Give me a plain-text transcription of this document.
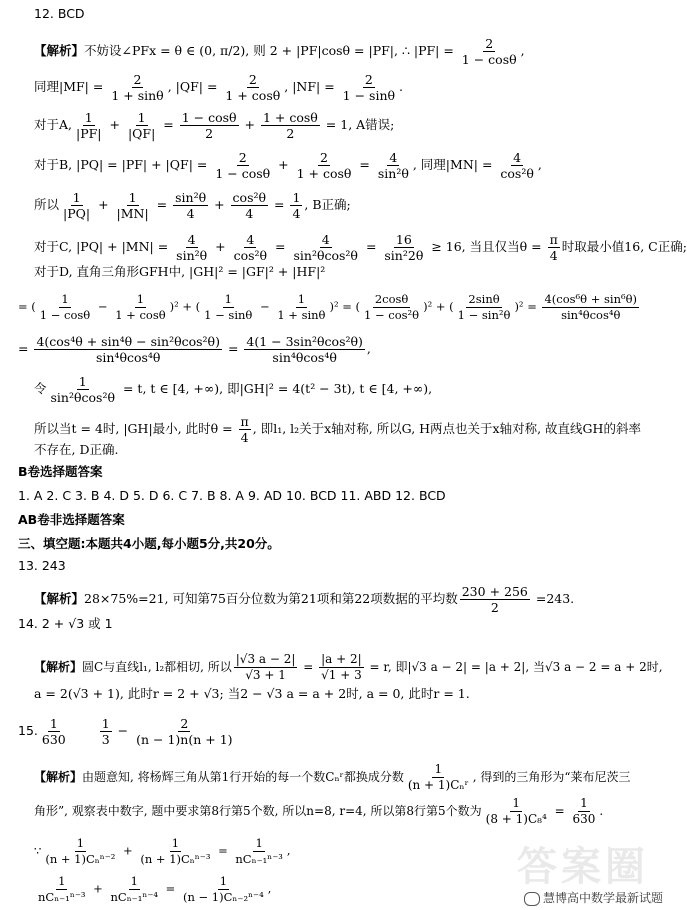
12. BCD
【解析】不妨设∠PFx = θ ∈ (0, π/2), 则 2 + |PF|cosθ = |PF|, ∴ $|PF| = \frac{2}{1 - \cos\theta}$ ,
同理$|MF| = \frac{2}{1 + \sin\theta}$ , $|QF| = \frac{2}{1 + \cos\theta}$ , $|NF| = \frac{2}{1 - \sin\theta}$ .
对于A, $\frac{1}{|PF|} + \frac{1}{|QF|} = \frac{1 - \cos\theta}{2} + \frac{1 + \cos\theta}{2} = 1$, A错误;
对于B, $|PQ| = |PF| + |QF| = \frac{2}{1 - \cos\theta} + \frac{2}{1 + \cos\theta} = \frac{4}{\text{sin²θ}}$ , 同理$|MN| = \frac{4}{\text{cos²θ}}$ ,
所以 $\frac{1}{|PQ|} + \frac{1}{|MN|} = \frac{\text{sin²θ}}{4} + \frac{\text{cos²θ}}{4} = \frac{1}{4}$ , B正确;
对于C, $|PQ| + |MN| = \frac{4}{\text{sin²θ}} + \frac{4}{\text{cos²θ}} = \frac{4}{\text{sin²θcos²θ}} = \frac{16}{\text{sin²2θ}} \ge 16$, 当且仅当$\theta = \frac{\pi}{4}$ 时取最小值16, C正确;
对于D, 直角三角形GFH中, |GH|² = |GF|² + |HF|²
= ( $\frac{1}{1 - \cos\theta} - \frac{1}{1 + \cos\theta} )^2$ + ( $\frac{1}{1 - \sin\theta} - \frac{1}{1 + \sin\theta} )^2$ = ( $\frac{2\cos\theta}{\text{1 − cos²θ}} )^2$ + ( $\frac{2\sin\theta}{\text{1 − sin²θ}} )^2 = \frac{\text{4(cos⁶θ + sin⁶θ)}}{\text{sin⁴θcos⁴θ}}$
= $\frac{\text{4(cos⁴θ + sin⁴θ − sin²θcos²θ)}}{\text{sin⁴θcos⁴θ}} = \frac{\text{4(1 − 3sin²θcos²θ)}}{\text{sin⁴θcos⁴θ}}$ ,
令 $\frac{1}{\text{sin²θcos²θ}} = t$, t ∈ [4, +∞), 即|GH|² = 4(t² − 3t), t ∈ [4, +∞),
所以当t = 4时, |GH|最小, 此时$\theta = \frac{\pi}{4}$ , 即l₁, l₂关于x轴对称, 所以G, H两点也关于x轴对称, 故直线GH的斜率
不存在, D正确.
B卷选择题答案
1. A 2. C 3. B 4. D 5. D 6. C 7. B 8. A 9. AD 10. BCD 11. ABD 12. BCD
AB卷非选择题答案
三、填空题:本题共4小题,每小题5分,共20分。
13. 243
【解析】28×75%=21, 可知第75百分位数为第21项和第22项数据的平均数 $\frac{230 + 256}{2} =243$.
14. 2 + √3 或 1
【解析】圆C与直线l₁, l₂都相切, 所以 $\frac{|√3 a - 2|}{√3 + 1} = \frac{|a + 2|}{√1 + 3} = r$, 即|√3 a − 2| = |a + 2|, 当√3 a − 2 = a + 2时,
a = 2(√3 + 1), 此时r = 2 + √3; 当2 − √3 a = a + 2时, a = 0, 此时r = 1.
15. $\frac{1}{630}$	$\frac{1}{3} - \frac{2}{(n - 1)n(n + 1)}$
【解析】由题意知, 将杨辉三角从第1行开始的每一个数Cₙʳ都换成分数 $\frac{1}{\text{(n + 1)Cₙʳ}}$ , 得到的三角形为“莱布尼茨三
角形”, 观察表中数字, 题中要求第8行第5个数, 所以n=8, r=4, 所以第8行第5个数为 $\frac{1}{\text{(8 + 1)C₈⁴}} = \frac{1}{630}$ .
∵ $\frac{1}{\text{(n + 1)Cₙⁿ⁻²}} + \frac{1}{\text{(n + 1)Cₙⁿ⁻³}} = \frac{1}{\text{nCₙ₋₁ⁿ⁻³}}$ ,
$\frac{1}{\text{nCₙ₋₁ⁿ⁻³}} + \frac{1}{\text{nCₙ₋₁ⁿ⁻⁴}} = \frac{1}{\text{(n − 1)Cₙ₋₂ⁿ⁻⁴}}$ ,	答案圈
慧博高中数学最新试题
